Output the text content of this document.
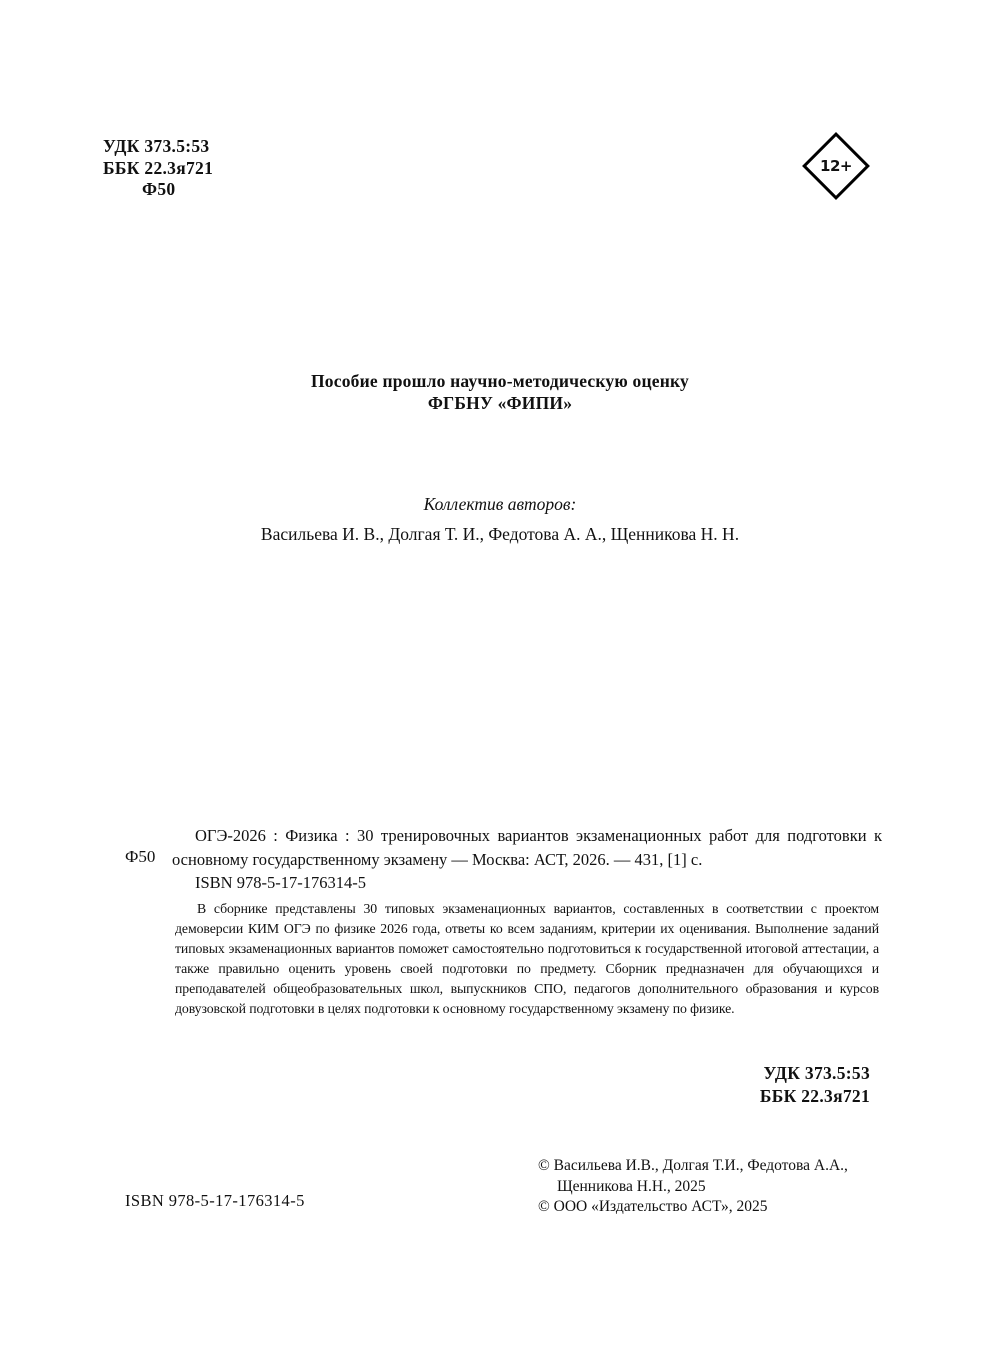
УДК 373.5:53
ББК 22.3я721
Ф50
12+
Пособие прошло научно-методическую оценку
ФГБНУ «ФИПИ»
Коллектив авторов:
Васильева И. В., Долгая Т. И., Федотова А. А., Щенникова Н. Н.
Ф50

ОГЭ-2026 : Физика : 30 тренировочных вариантов экзаменационных работ для подготовки к основному государственному экзамену — Москва: АСТ, 2026. — 431, [1] с.

ISBN 978-5-17-176314-5

В сборнике представлены 30 типовых экзаменационных вариантов, составленных в соответствии с проектом демоверсии КИМ ОГЭ по физике 2026 года, ответы ко всем заданиям, критерии их оценивания. Выполнение заданий типовых экзаменационных вариантов поможет самостоятельно подготовиться к государственной итоговой аттестации, а также правильно оценить уровень своей подготовки по предмету. Сборник предназначен для обучающихся и преподавателей общеобразовательных школ, выпускников СПО, педагогов дополнительного образования и курсов довузовской подготовки в целях подготовки к основному государственному экзамену по физике.
УДК 373.5:53
ББК 22.3я721
© Васильева И.В., Долгая Т.И., Федотова А.А.,
Щенникова Н.Н., 2025
© ООО «Издательство АСТ», 2025
ISBN 978-5-17-176314-5
